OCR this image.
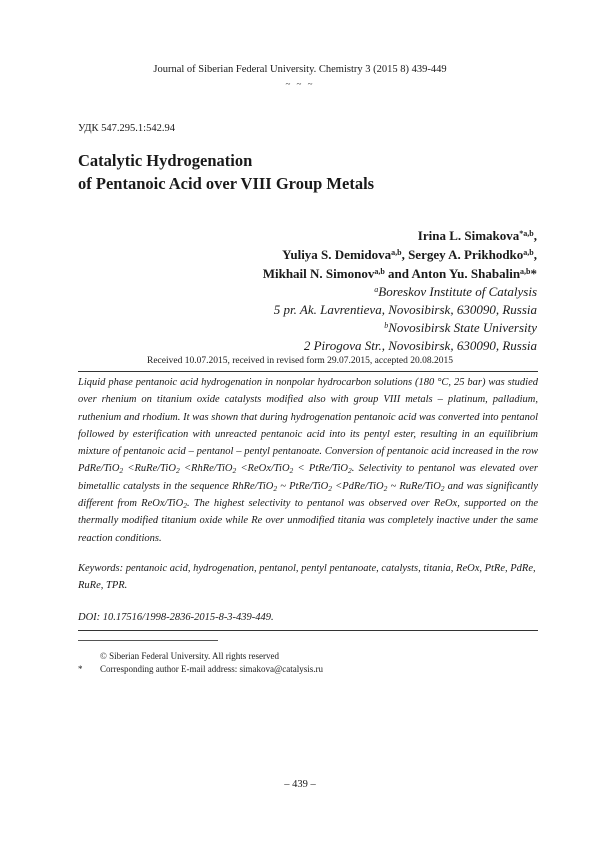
Journal of Siberian Federal University. Chemistry 3 (2015 8) 439-449
~ ~ ~
УДК 547.295.1:542.94
Catalytic Hydrogenation
of Pentanoic Acid over VIII Group Metals
Irina L. Simakova$^{*a,b}$,
Yuliya S. Demidova$^{a,b}$, Sergey A. Prikhodko$^{a,b}$,
Mikhail N. Simonov$^{a,b}$ and Anton Yu. Shabalin$^{a,b}$*
$^a$Boreskov Institute of Catalysis
5 pr. Ak. Lavrentieva, Novosibirsk, 630090, Russia
$^b$Novosibirsk State University
2 Pirogova Str., Novosibirsk, 630090, Russia
Received 10.07.2015, received in revised form 29.07.2015, accepted 20.08.2015
Liquid phase pentanoic acid hydrogenation in nonpolar hydrocarbon solutions (180 °C, 25 bar) was studied over rhenium on titanium oxide catalysts modified also with group VIII metals – platinum, palladium, ruthenium and rhodium. It was shown that during hydrogenation pentanoic acid was converted into pentanol followed by esterification with unreacted pentanoic acid into its pentyl ester, resulting in an equilibrium mixture of pentanoic acid – pentanol – pentyl pentanoate. Conversion of pentanoic acid increased in the row PdRe/TiO$_2$ <RuRe/TiO$_2$ <RhRe/TiO$_2$ <ReOx/TiO$_2$ < PtRe/TiO$_2$. Selectivity to pentanol was elevated over bimetallic catalysts in the sequence RhRe/TiO$_2$ ~ PtRe/TiO$_2$ <PdRe/TiO$_2$ ~ RuRe/TiO$_2$ and was significantly different from ReOx/TiO$_2$. The highest selectivity to pentanol was observed over ReOx, supported on the thermally modified titanium oxide while Re over unmodified titania was completely inactive under the same reaction conditions.
Keywords: pentanoic acid, hydrogenation, pentanol, pentyl pentanoate, catalysts, titania, ReOx, PtRe, PdRe, RuRe, TPR.
DOI: 10.17516/1998-2836-2015-8-3-439-449.
© Siberian Federal University. All rights reserved
* Corresponding author E-mail address: simakova@catalysis.ru
– 439 –
